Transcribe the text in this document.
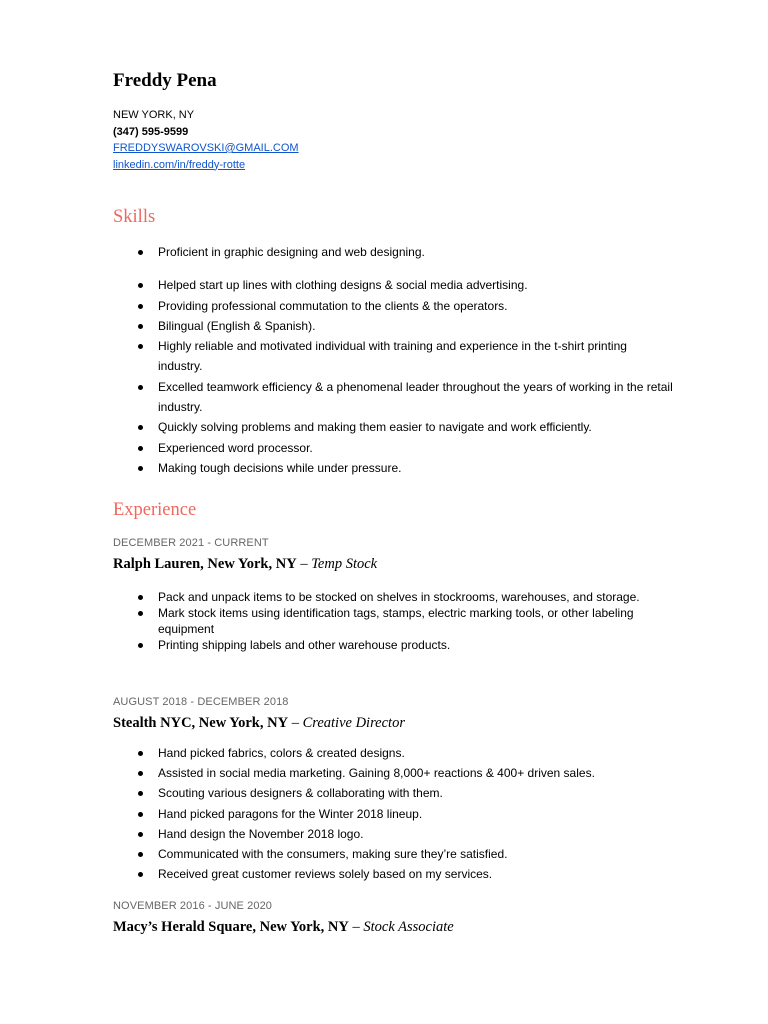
Freddy Pena
NEW YORK, NY
(347) 595-9599
FREDDYSWAROVSKI@GMAIL.COM
linkedin.com/in/freddy-rotte
Skills
Proficient in graphic designing and web designing.
Helped start up lines with clothing designs & social media advertising.
Providing professional commutation to the clients & the operators.
Bilingual (English & Spanish).
Highly reliable and motivated individual with training and experience in the t-shirt printing industry.
Excelled teamwork efficiency & a phenomenal leader throughout the years of working in the retail industry.
Quickly solving problems and making them easier to navigate and work efficiently.
Experienced word processor.
Making tough decisions while under pressure.
Experience
DECEMBER 2021 - CURRENT
Ralph Lauren, New York, NY – Temp Stock
Pack and unpack items to be stocked on shelves in stockrooms, warehouses, and storage.
Mark stock items using identification tags, stamps, electric marking tools, or other labeling equipment
Printing shipping labels and other warehouse products.
AUGUST 2018 - DECEMBER 2018
Stealth NYC, New York, NY – Creative Director
Hand picked fabrics, colors & created designs.
Assisted in social media marketing. Gaining 8,000+ reactions & 400+ driven sales.
Scouting various designers & collaborating with them.
Hand picked paragons for the Winter 2018 lineup.
Hand design the November 2018 logo.
Communicated with the consumers, making sure they’re satisfied.
Received great customer reviews solely based on my services.
NOVEMBER 2016 - JUNE 2020
Macy’s Herald Square, New York, NY – Stock Associate
